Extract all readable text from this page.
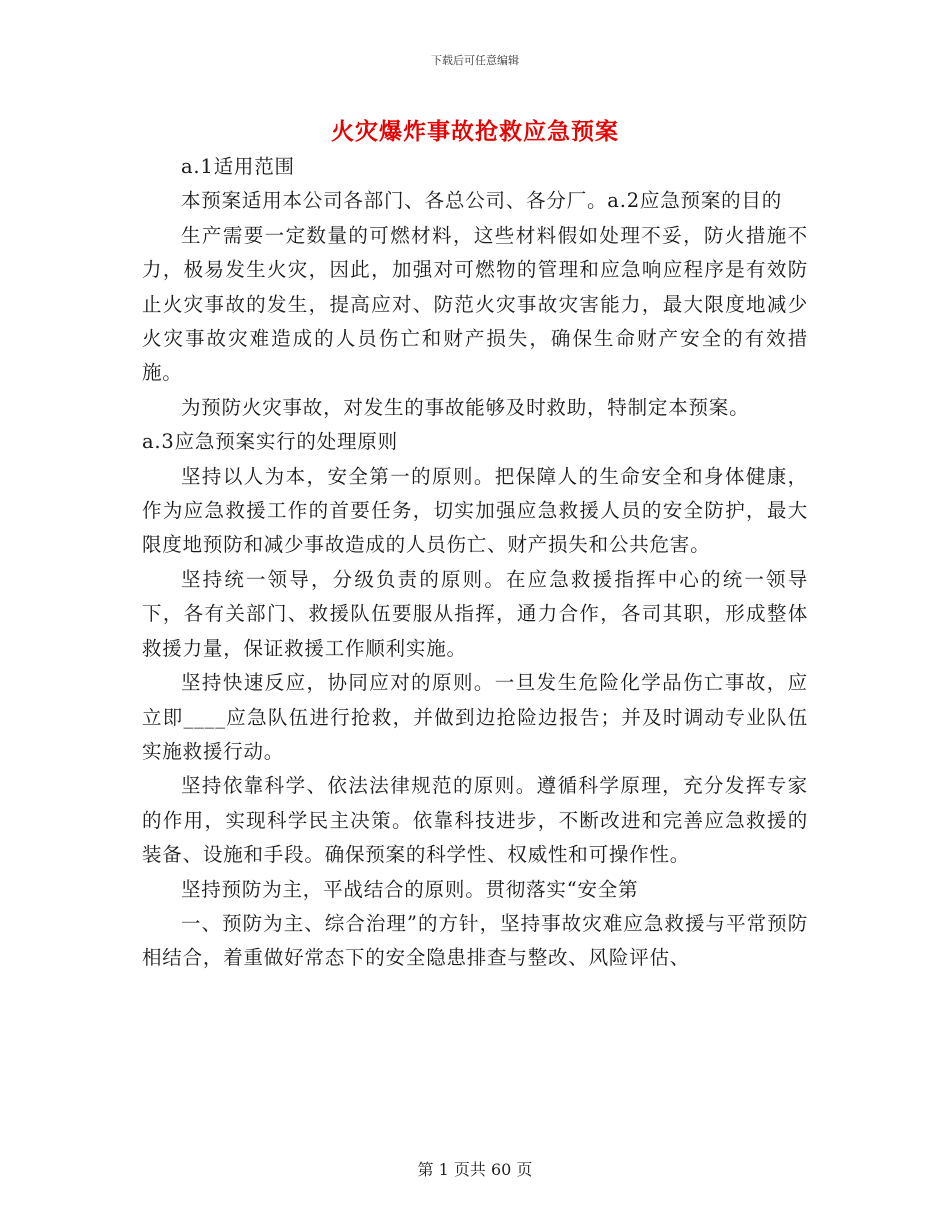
下载后可任意编辑
火灾爆炸事故抢救应急预案

a.1适用范围

本预案适用本公司各部门、各总公司、各分厂。a.2应急预案的目的

生产需要一定数量的可燃材料，这些材料假如处理不妥，防火措施不力，极易发生火灾，因此，加强对可燃物的管理和应急响应程序是有效防止火灾事故的发生，提高应对、防范火灾事故灾害能力，最大限度地减少火灾事故灾难造成的人员伤亡和财产损失，确保生命财产安全的有效措施。

为预防火灾事故，对发生的事故能够及时救助，特制定本预案。

a.3应急预案实行的处理原则

坚持以人为本，安全第一的原则。把保障人的生命安全和身体健康，作为应急救援工作的首要任务，切实加强应急救援人员的安全防护，最大限度地预防和减少事故造成的人员伤亡、财产损失和公共危害。

坚持统一领导，分级负责的原则。在应急救援指挥中心的统一领导下，各有关部门、救援队伍要服从指挥，通力合作，各司其职，形成整体救援力量，保证救援工作顺利实施。

坚持快速反应，协同应对的原则。一旦发生危险化学品伤亡事故，应立即____应急队伍进行抢救，并做到边抢险边报告；并及时调动专业队伍实施救援行动。

坚持依靠科学、依法法律规范的原则。遵循科学原理，充分发挥专家的作用，实现科学民主决策。依靠科技进步，不断改进和完善应急救援的装备、设施和手段。确保预案的科学性、权威性和可操作性。

坚持预防为主，平战结合的原则。贯彻落实“安全第

一、预防为主、综合治理”的方针，坚持事故灾难应急救援与平常预防相结合，着重做好常态下的安全隐患排查与整改、风险评估、

第 1 页共 60 页
